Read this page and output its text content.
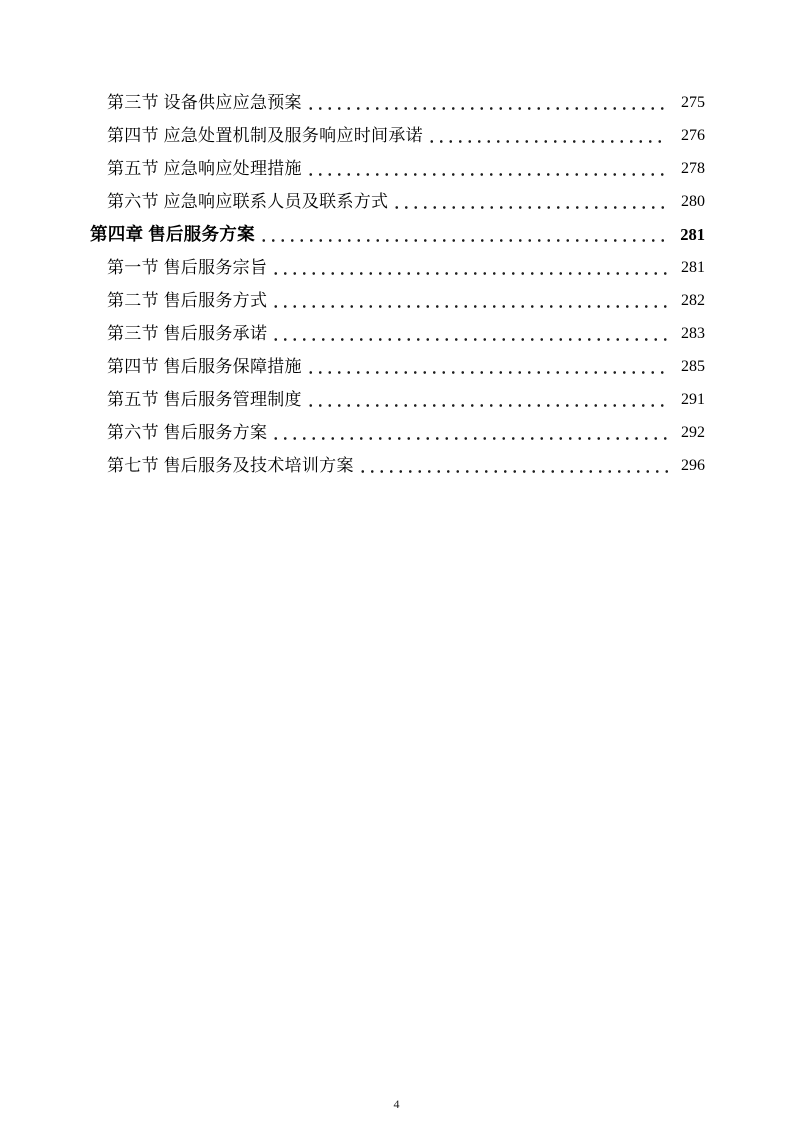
第三节 设备供应应急预案	275
第四节 应急处置机制及服务响应时间承诺	276
第五节 应急响应处理措施	278
第六节 应急响应联系人员及联系方式	280
第四章 售后服务方案	281
第一节 售后服务宗旨	281
第二节 售后服务方式	282
第三节 售后服务承诺	283
第四节 售后服务保障措施	285
第五节 售后服务管理制度	291
第六节 售后服务方案	292
第七节 售后服务及技术培训方案	296
4
